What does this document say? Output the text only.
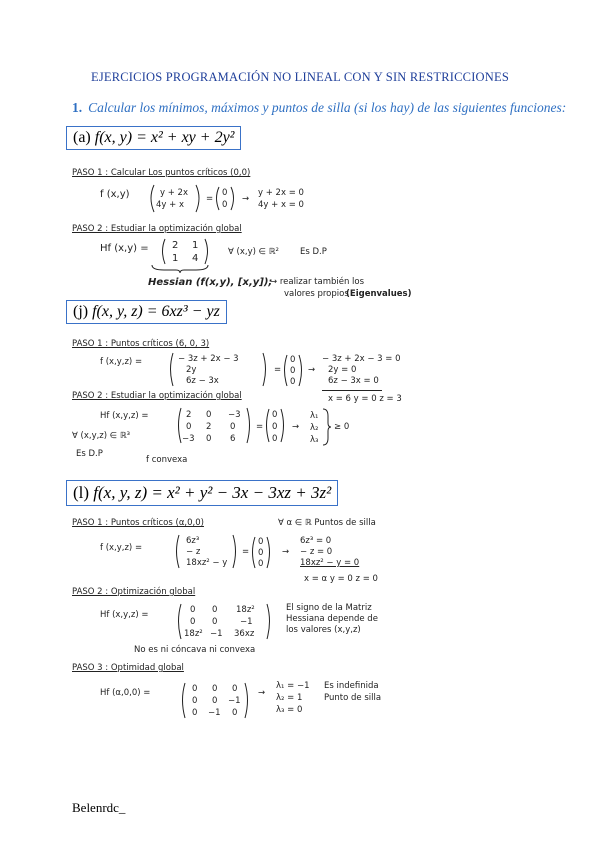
EJERCICIOS PROGRAMACIÓN NO LINEAL CON Y SIN RESTRICCIONES
1. Calcular los mínimos, máximos y puntos de silla (si los hay) de las siguientes funciones:
(a) f(x, y) = x² + xy + 2y²
PASO 1 : Calcular Los puntos críticos (0,0)
f (x,y)	y + 2x
4y + x
=
0
0
→
y + 2x = 0
4y + x = 0
PASO 2 : Estudiar la optimización global
Hf (x,y) = 2 1
1 4
∀ (x,y) ∈ ℝ² Es D.P
Hessian (f(x,y), [x,y]);
→ realizar también los
valores propios
(Eigenvalues)
(j) f(x, y, z) = 6xz³ − yz
PASO 1 : Puntos críticos (6, 0, 3)
f (x,y,z) =	− 3z + 2x − 3
2y
6z − 3x
=
0
0
0
→
− 3z + 2x − 3 = 0
2y = 0
6z − 3x = 0
x = 6 y = 0 z = 3
PASO 2 : Estudiar la optimización global
Hf (x,y,z) =	2 0 −3
0 2 0
−3 0 6
=
0
0
0
→
λ₁
λ₂
λ₃
≥ 0
∀ (x,y,z) ∈ ℝ³
Es D.P
f convexa
(l) f(x, y, z) = x² + y² − 3x − 3xz + 3z²
PASO 1 : Puntos críticos (α,0,0)	∀ α ∈ ℝ Puntos de silla
f (x,y,z) =
6z³
− z
18xz² − y
=
0
0
0
→
6z³ = 0
− z = 0
18xz² − y = 0
x = α y = 0 z = 0
PASO 2 : Optimización global
Hf (x,y,z) =	0 0 18z²
0 0	−1
18z² −1 36xz
El signo de la Matriz
Hessiana depende de
los valores (x,y,z)
No es ni cóncava ni convexa
PASO 3 : Optimidad global
Hf (α,0,0) =	0 0 0
0 0 −1
0 −1 0
→
λ₁ = −1
λ₂ = 1
λ₃ = 0
Es indefinida
Punto de silla
Belenrdc_
